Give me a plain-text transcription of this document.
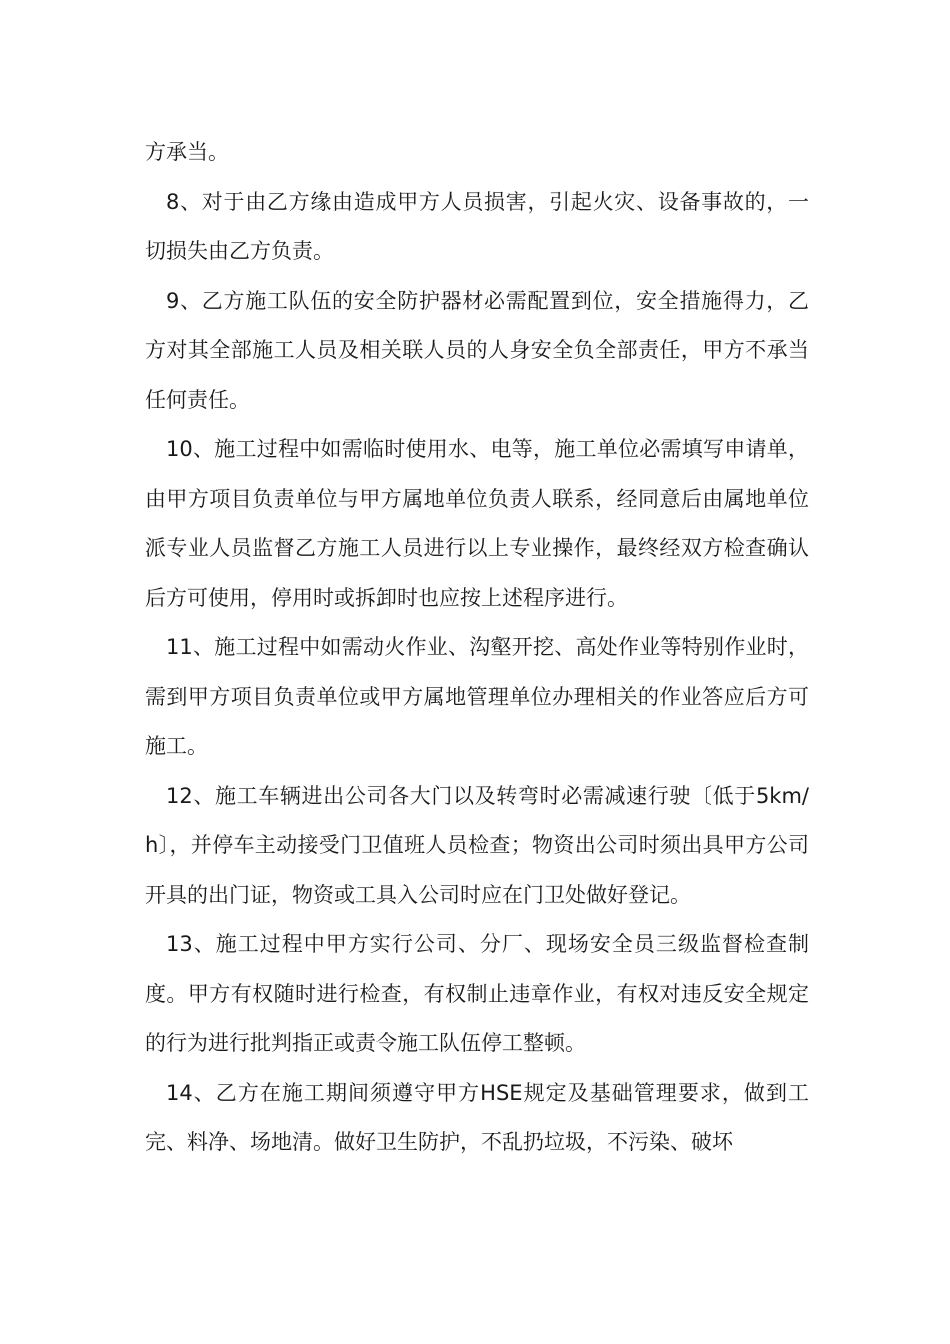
方承当。

8、对于由乙方缘由造成甲方人员损害，引起火灾、设备事故的，一切损失由乙方负责。

9、乙方施工队伍的安全防护器材必需配置到位，安全措施得力，乙方对其全部施工人员及相关联人员的人身安全负全部责任，甲方不承当任何责任。

10、施工过程中如需临时使用水、电等，施工单位必需填写申请单，由甲方项目负责单位与甲方属地单位负责人联系，经同意后由属地单位派专业人员监督乙方施工人员进行以上专业操作，最终经双方检查确认后方可使用，停用时或拆卸时也应按上述程序进行。

11、施工过程中如需动火作业、沟壑开挖、高处作业等特别作业时，需到甲方项目负责单位或甲方属地管理单位办理相关的作业答应后方可施工。

12、施工车辆进出公司各大门以及转弯时必需减速行驶〔低于5km/h〕，并停车主动接受门卫值班人员检查；物资出公司时须出具甲方公司开具的出门证，物资或工具入公司时应在门卫处做好登记。

13、施工过程中甲方实行公司、分厂、现场安全员三级监督检查制度。甲方有权随时进行检查，有权制止违章作业，有权对违反安全规定的行为进行批判指正或责令施工队伍停工整顿。

14、乙方在施工期间须遵守甲方HSE规定及基础管理要求，做到工完、料净、场地清。做好卫生防护，不乱扔垃圾，不污染、破坏
